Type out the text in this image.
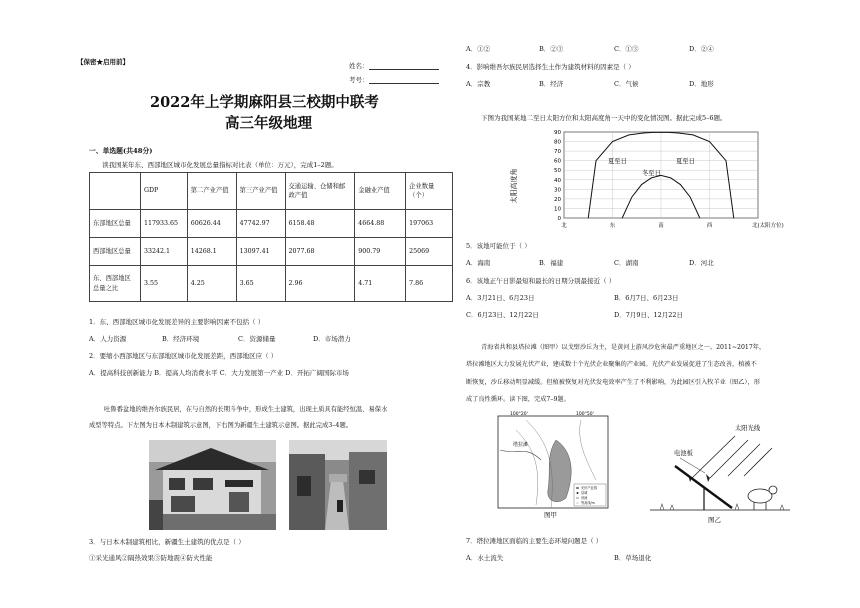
【保密★启用前】	姓名：
考号：
2022年上学期麻阳县三校期中联考
高三年级地理
一、单选题(共48分)
读我国某年东、西部地区城市化发展总量指标对比表（单位：万元），完成1–2题。
	GDP	第二产业产值	第三产业产值	交通运输、仓储和邮政产值	金融业产值	企业数量（个）
东部地区总量	117933.65	60626.44	47742.97	6158.48	4664.88	197063
西部地区总量	33242.1	14268.1	13097.41	2077.68	900.79	25069
东、西部地区总量之比	3.55	4.25	3.65	2.96	4.71	7.86
1．东、西部地区城市化发展差异的主要影响因素不包括（ ）
A．人力资源	B．经济环境	C．资源储量	D．市场潜力
2．要缩小西部地区与东部地区城市化发展差距，西部地区应（ ）
A．提高科技创新能力 B．提高人均消费水平 C．大力发展第一产业 D．开拓广阔国际市场
吐鲁番盆地的维吾尔族民居，在与自然的长期斗争中，形成生土建筑，出现土质具有能经恒温、易保水
成型等特点。下左图为日本木制建筑示意图，下右图为新疆生土建筑示意图。据此完成3–4题。
3．与日本木制建筑相比，新疆生土建筑的优点是（ ）
①采光通风②隔热效果③防地震④防火性能
A．①②	B．②③	C．①③	D．②④
4．影响维吾尔族民居选择生土作为建筑材料的因素是（ ）
A．宗教	B．经济	C．气候	D．地形
下图为我国某地二至日太阳方位和太阳高度角一天中的变化情况图。据此完成5–6题。
0
10
20
30
40
50
60
70
80
90
北	东	南	西	北(太阳方位)
太阳高度角
夏至日
冬至日
夏至日
5．该地可能位于（ ）
A．海南	B．福建	C．湖南	D．河北
6．该地正午日影最短和最长的日期分别最接近（ ）
A．3月21日、6月23日	B．6月7日、6月23日
C．6月23日、12月22日	D．7月9日、12月22日
青海省共和县塔拉滩（图甲）以戈壁沙丘为主，是黄河上游风沙危害最严重地区之一。2011~2017年，
塔拉滩地区大力发展光伏产业，建成数十个光伏企业聚集的产业园。光伏产业发展促进了生态改善，植被不
断恢复，沙丘移动明显减缓。但植被恢复对光伏发电效率产生了不利影响，为此园区引入牧羊业（图乙），形
成了良性循环。读下图，完成7–9题。
100°20'	100°50'
塔拉滩
光伏产业园
县城
河流
等高线/m
图甲
太阳光线
电池板
图乙
7．塔拉滩地区面临的主要生态环境问题是（ ）
A．水土流失	B．草场退化
